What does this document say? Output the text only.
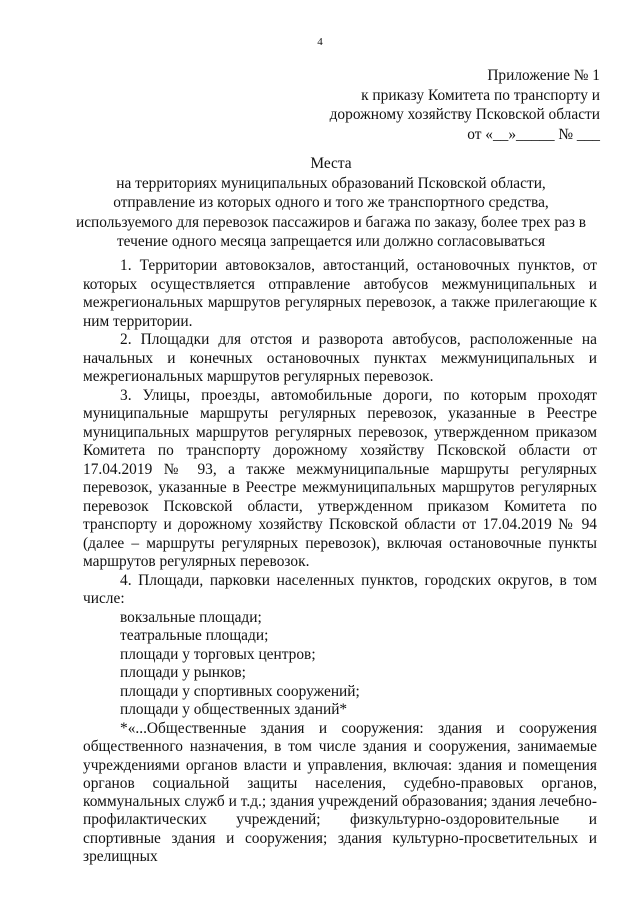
4
Приложение № 1
к приказу Комитета по транспорту и
дорожному хозяйству Псковской области
от «__»_____ № ___
Места
на территориях муниципальных образований Псковской области,
отправление из которых одного и того же транспортного средства,
используемого для перевозок пассажиров и багажа по заказу, более трех раз в
течение одного месяца запрещается или должно согласовываться

1. Территории автовокзалов, автостанций, остановочных пунктов, от которых осуществляется отправление автобусов межмуниципальных и межрегиональных маршрутов регулярных перевозок, а также прилегающие к ним территории.

2. Площадки для отстоя и разворота автобусов, расположенные на начальных и конечных остановочных пунктах межмуниципальных и межрегиональных маршрутов регулярных перевозок.

3. Улицы, проезды, автомобильные дороги, по которым проходят муниципальные маршруты регулярных перевозок, указанные в Реестре муниципальных маршрутов регулярных перевозок, утвержденном приказом Комитета по транспорту дорожному хозяйству Псковской области от 17.04.2019 № 93, а также межмуниципальные маршруты регулярных перевозок, указанные в Реестре межмуниципальных маршрутов регулярных перевозок Псковской области, утвержденном приказом Комитета по транспорту и дорожному хозяйству Псковской области от 17.04.2019 № 94 (далее – маршруты регулярных перевозок), включая остановочные пункты маршрутов регулярных перевозок.

4. Площади, парковки населенных пунктов, городских округов, в том числе:

вокзальные площади;

театральные площади;

площади у торговых центров;

площади у рынков;

площади у спортивных сооружений;

площади у общественных зданий*

*«...Общественные здания и сооружения: здания и сооружения общественного назначения, в том числе здания и сооружения, занимаемые учреждениями органов власти и управления, включая: здания и помещения органов социальной защиты населения, судебно-правовых органов, коммунальных служб и т.д.; здания учреждений образования; здания лечебно-профилактических учреждений; физкультурно-оздоровительные и спортивные здания и сооружения; здания культурно-просветительных и зрелищных
